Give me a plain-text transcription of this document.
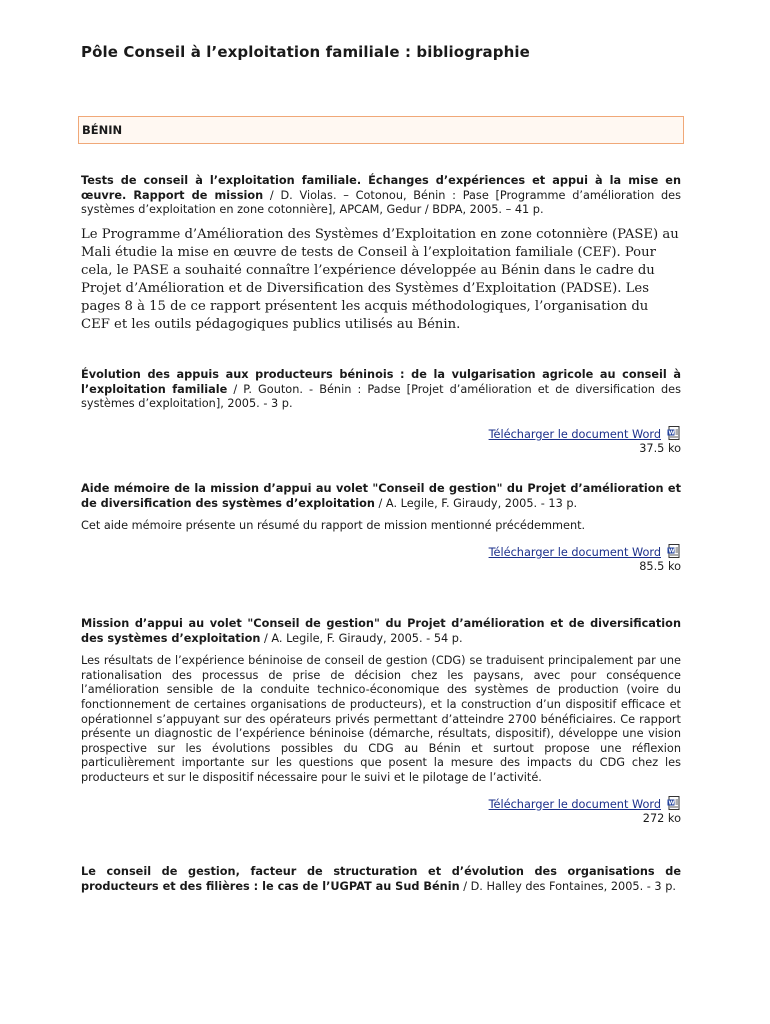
Pôle Conseil à l’exploitation familiale : bibliographie
BÉNIN

Tests de conseil à l’exploitation familiale. Échanges d’expériences et appui à la mise en œuvre. Rapport de mission / D. Violas. – Cotonou, Bénin : Pase [Programme d’amélioration des systèmes d’exploitation en zone cotonnière], APCAM, Gedur / BDPA, 2005. – 41 p.

Le Programme d’Amélioration des Systèmes d’Exploitation en zone cotonnière (PASE) au Mali étudie la mise en œuvre de tests de Conseil à l’exploitation familiale (CEF). Pour cela, le PASE a souhaité connaître l’expérience développée au Bénin dans le cadre du Projet d’Amélioration et de Diversification des Systèmes d’Exploitation (PADSE). Les pages 8 à 15 de ce rapport présentent les acquis méthodologiques, l’organisation du CEF et les outils pédagogiques publics utilisés au Bénin.

Évolution des appuis aux producteurs béninois : de la vulgarisation agricole au conseil à l’exploitation familiale / P. Gouton. - Bénin : Padse [Projet d’amélioration et de diversification des systèmes d’exploitation], 2005. - 3 p.

Télécharger le document Word W
37.5 ko

Aide mémoire de la mission d’appui au volet "Conseil de gestion" du Projet d’amélioration et de diversification des systèmes d’exploitation / A. Legile, F. Giraudy, 2005. - 13 p.

Cet aide mémoire présente un résumé du rapport de mission mentionné précédemment.

Télécharger le document Word W
85.5 ko

Mission d’appui au volet "Conseil de gestion" du Projet d’amélioration et de diversification des systèmes d’exploitation / A. Legile, F. Giraudy, 2005. - 54 p.

Les résultats de l’expérience béninoise de conseil de gestion (CDG) se traduisent principalement par une rationalisation des processus de prise de décision chez les paysans, avec pour conséquence l’amélioration sensible de la conduite technico-économique des systèmes de production (voire du fonctionnement de certaines organisations de producteurs), et la construction d’un dispositif efficace et opérationnel s’appuyant sur des opérateurs privés permettant d’atteindre 2700 bénéficiaires. Ce rapport présente un diagnostic de l’expérience béninoise (démarche, résultats, dispositif), développe une vision prospective sur les évolutions possibles du CDG au Bénin et surtout propose une réflexion particulièrement importante sur les questions que posent la mesure des impacts du CDG chez les producteurs et sur le dispositif nécessaire pour le suivi et le pilotage de l’activité.

Télécharger le document Word W
272 ko

Le conseil de gestion, facteur de structuration et d’évolution des organisations de producteurs et des filières : le cas de l’UGPAT au Sud Bénin / D. Halley des Fontaines, 2005. - 3 p.
